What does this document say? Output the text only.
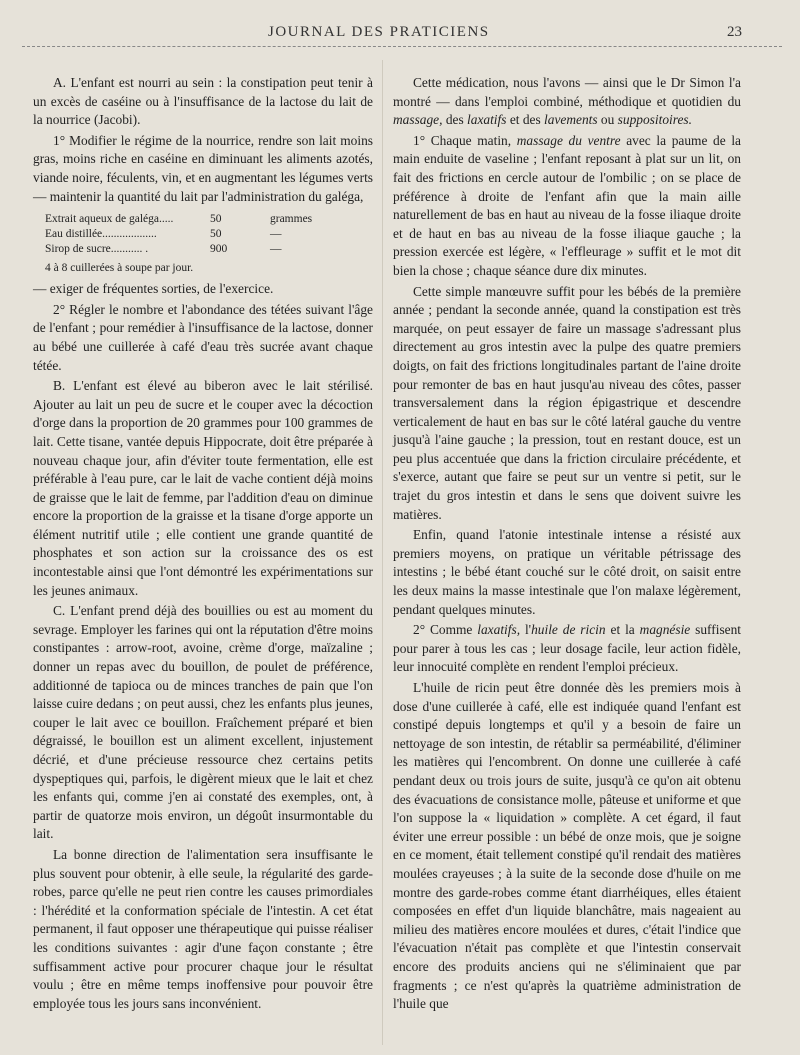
JOURNAL DES PRATICIENS	23

A. L'enfant est nourri au sein : la constipation peut tenir à un excès de caséine ou à l'insuffisance de la lactose du lait de la nourrice (Jacobi).

1° Modifier le régime de la nourrice, rendre son lait moins gras, moins riche en caséine en diminuant les aliments azotés, viande noire, féculents, vin, et en augmentant les légumes verts — maintenir la quantité du lait par l'administration du galéga,

Extrait aqueux de galéga.....	50	grammes
Eau distillée...................	50	—
Sirop de sucre........... .	900	—
4 à 8 cuillerées à soupe par jour.

— exiger de fréquentes sorties, de l'exercice.

2° Régler le nombre et l'abondance des tétées suivant l'âge de l'enfant ; pour remédier à l'insuffisance de la lactose, donner au bébé une cuillerée à café d'eau très sucrée avant chaque tétée.

B. L'enfant est élevé au biberon avec le lait stérilisé. Ajouter au lait un peu de sucre et le couper avec la décoction d'orge dans la proportion de 20 grammes pour 100 grammes de lait. Cette tisane, vantée depuis Hippocrate, doit être préparée à nouveau chaque jour, afin d'éviter toute fermentation, elle est préférable à l'eau pure, car le lait de vache contient déjà moins de graisse que le lait de femme, par l'addition d'eau on diminue encore la proportion de la graisse et la tisane d'orge apporte un élément nutritif utile ; elle contient une grande quantité de phosphates et son action sur la croissance des os est incontestable ainsi que l'ont démontré les expérimentations sur les jeunes animaux.

C. L'enfant prend déjà des bouillies ou est au moment du sevrage. Employer les farines qui ont la réputation d'être moins constipantes : arrow-root, avoine, crème d'orge, maïzaline ; donner un repas avec du bouillon, de poulet de préférence, additionné de tapioca ou de minces tranches de pain que l'on laisse cuire dedans ; on peut aussi, chez les enfants plus jeunes, couper le lait avec ce bouillon. Fraîchement préparé et bien dégraissé, le bouillon est un aliment excellent, injustement décrié, et d'une précieuse ressource chez certains petits dyspeptiques qui, parfois, le digèrent mieux que le lait et chez les enfants qui, comme j'en ai constaté des exemples, ont, à partir de quatorze mois environ, un dégoût insurmontable du lait.

La bonne direction de l'alimentation sera insuffisante le plus souvent pour obtenir, à elle seule, la régularité des garde-robes, parce qu'elle ne peut rien contre les causes primordiales : l'hérédité et la conformation spéciale de l'intestin. A cet état permanent, il faut opposer une thérapeutique qui puisse réaliser les conditions suivantes : agir d'une façon constante ; être suffisamment active pour procurer chaque jour le résultat voulu ; être en même temps inoffensive pour pouvoir être employée tous les jours sans inconvénient.

Cette médication, nous l'avons — ainsi que le Dr Simon l'a montré — dans l'emploi combiné, méthodique et quotidien du massage, des laxatifs et des lavements ou suppositoires.

1° Chaque matin, massage du ventre avec la paume de la main enduite de vaseline ; l'enfant reposant à plat sur un lit, on fait des frictions en cercle autour de l'ombilic ; on se place de préférence à droite de l'enfant afin que la main aille naturellement de bas en haut au niveau de la fosse iliaque droite et de haut en bas au niveau de la fosse iliaque gauche ; la pression exercée est légère, « l'effleurage » suffit et le mot dit bien la chose ; chaque séance dure dix minutes.

Cette simple manœuvre suffit pour les bébés de la première année ; pendant la seconde année, quand la constipation est très marquée, on peut essayer de faire un massage s'adressant plus directement au gros intestin avec la pulpe des quatre premiers doigts, on fait des frictions longitudinales partant de l'aine droite pour remonter de bas en haut jusqu'au niveau des côtes, passer transversalement dans la région épigastrique et descendre verticalement de haut en bas sur le côté latéral gauche du ventre jusqu'à l'aine gauche ; la pression, tout en restant douce, est un peu plus accentuée que dans la friction circulaire précédente, et s'exerce, autant que faire se peut sur un ventre si petit, sur le trajet du gros intestin et dans le sens que doivent suivre les matières.

Enfin, quand l'atonie intestinale intense a résisté aux premiers moyens, on pratique un véritable pétrissage des intestins ; le bébé étant couché sur le côté droit, on saisit entre les deux mains la masse intestinale que l'on malaxe légèrement, pendant quelques minutes.

2° Comme laxatifs, l'huile de ricin et la magnésie suffisent pour parer à tous les cas ; leur dosage facile, leur action fidèle, leur innocuité complète en rendent l'emploi précieux.

L'huile de ricin peut être donnée dès les premiers mois à dose d'une cuillerée à café, elle est indiquée quand l'enfant est constipé depuis longtemps et qu'il y a besoin de faire un nettoyage de son intestin, de rétablir sa perméabilité, d'éliminer les matières qui l'encombrent. On donne une cuillerée à café pendant deux ou trois jours de suite, jusqu'à ce qu'on ait obtenu des évacuations de consistance molle, pâteuse et uniforme et que l'on suppose la « liquidation » complète. A cet égard, il faut éviter une erreur possible : un bébé de onze mois, que je soigne en ce moment, était tellement constipé qu'il rendait des matières moulées crayeuses ; à la suite de la seconde dose d'huile on me montre des garde-robes comme étant diarrhéiques, elles étaient composées en effet d'un liquide blanchâtre, mais nageaient au milieu des matières encore moulées et dures, c'était l'indice que l'évacuation n'était pas complète et que l'intestin conservait encore des produits anciens qui ne s'éliminaient que par fragments ; ce n'est qu'après la quatrième administration de l'huile que
